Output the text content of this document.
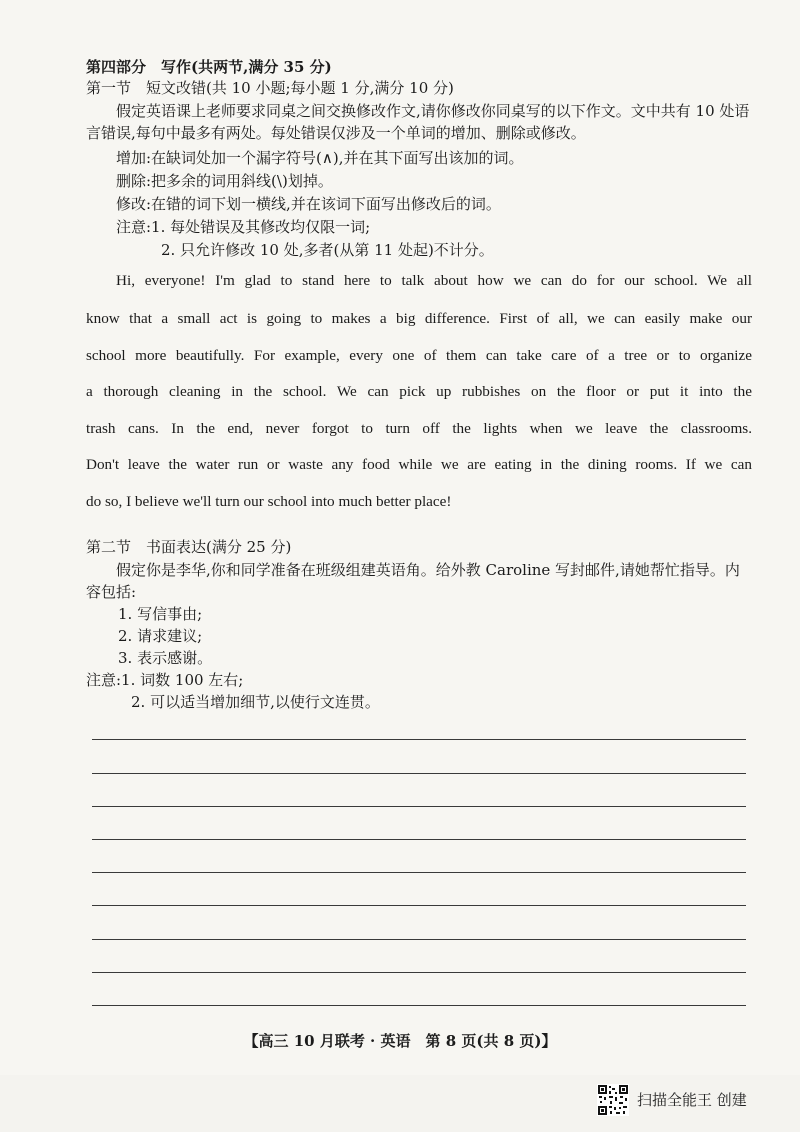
第四部分　写作(共两节,满分 35 分)
第一节　短文改错(共 10 小题;每小题 1 分,满分 10 分)
假定英语课上老师要求同桌之间交换修改作文,请你修改你同桌写的以下作文。文中共有 10 处语言错误,每句中最多有两处。每处错误仅涉及一个单词的增加、删除或修改。
增加:在缺词处加一个漏字符号(∧),并在其下面写出该加的词。
删除:把多余的词用斜线(\)划掉。
修改:在错的词下划一横线,并在该词下面写出修改后的词。
注意:1. 每处错误及其修改均仅限一词;
2. 只允许修改 10 处,多者(从第 11 处起)不计分。
Hi, everyone! I'm glad to stand here to talk about how we can do for our school. We all
know that a small act is going to makes a big difference. First of all, we can easily make our
school more beautifully. For example, every one of them can take care of a tree or to organize
a thorough cleaning in the school. We can pick up rubbishes on the floor or put it into the
trash cans. In the end, never forgot to turn off the lights when we leave the classrooms.
Don't leave the water run or waste any food while we are eating in the dining rooms. If we can
do so, I believe we'll turn our school into much better place!
第二节　书面表达(满分 25 分)
假定你是李华,你和同学准备在班级组建英语角。给外教 Caroline 写封邮件,请她帮忙指导。内容包括:
1. 写信事由;
2. 请求建议;
3. 表示感谢。
注意:1. 词数 100 左右;
2. 可以适当增加细节,以使行文连贯。
【高三 10 月联考 · 英语　第 8 页(共 8 页)】
扫描全能王 创建
